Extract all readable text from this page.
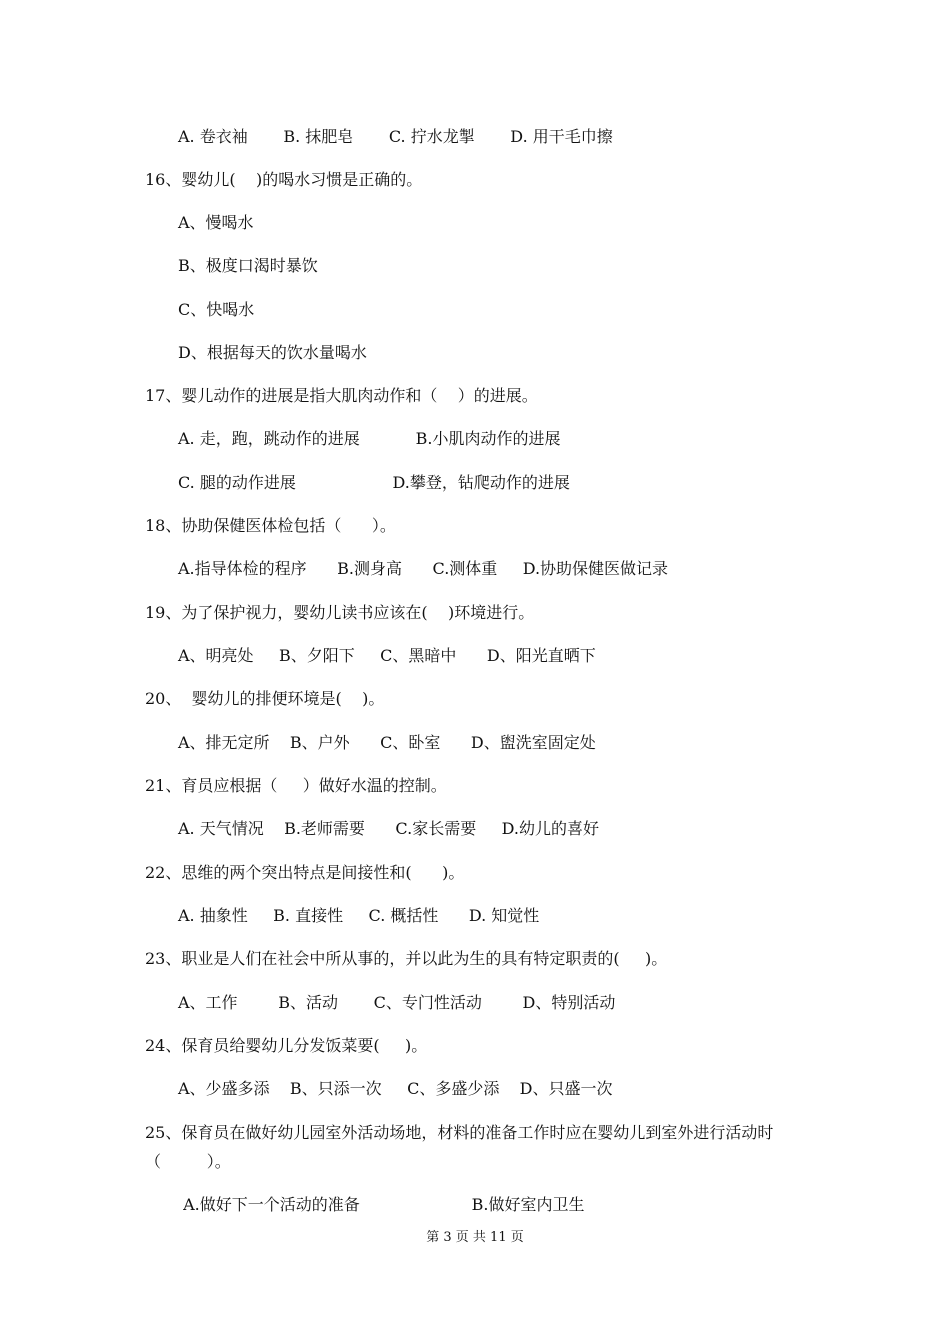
A. 卷衣袖       B. 抹肥皂       C. 拧水龙掣       D. 用干毛巾擦
16、婴幼儿(    )的喝水习惯是正确的。
A、慢喝水
B、极度口渴时暴饮
C、快喝水
D、根据每天的饮水量喝水
17、婴儿动作的进展是指大肌肉动作和（    ）的进展。
A. 走，跑，跳动作的进展           B.小肌肉动作的进展
C. 腿的动作进展                   D.攀登，钻爬动作的进展
18、协助保健医体检包括（      ）。
A.指导体检的程序      B.测身高      C.测体重     D.协助保健医做记录
19、为了保护视力，婴幼儿读书应该在(    )环境进行。
A、明亮处     B、夕阳下     C、黑暗中      D、阳光直晒下
20、  婴幼儿的排便环境是(    )。
A、排无定所    B、户外      C、卧室      D、盥洗室固定处
21、育员应根据（     ）做好水温的控制。
A. 天气情况    B.老师需要      C.家长需要     D.幼儿的喜好
22、思维的两个突出特点是间接性和(      )。
A. 抽象性     B. 直接性     C. 概括性      D. 知觉性
23、职业是人们在社会中所从事的，并以此为生的具有特定职责的(     )。
A、工作        B、活动       C、专门性活动        D、特别活动
24、保育员给婴幼儿分发饭菜要(     )。
A、少盛多添    B、只添一次     C、多盛少添    D、只盛一次
25、保育员在做好幼儿园室外活动场地，材料的准备工作时应在婴幼儿到室外进行活动时
（         ）。
A.做好下一个活动的准备                      B.做好室内卫生
第 3 页 共 11 页
